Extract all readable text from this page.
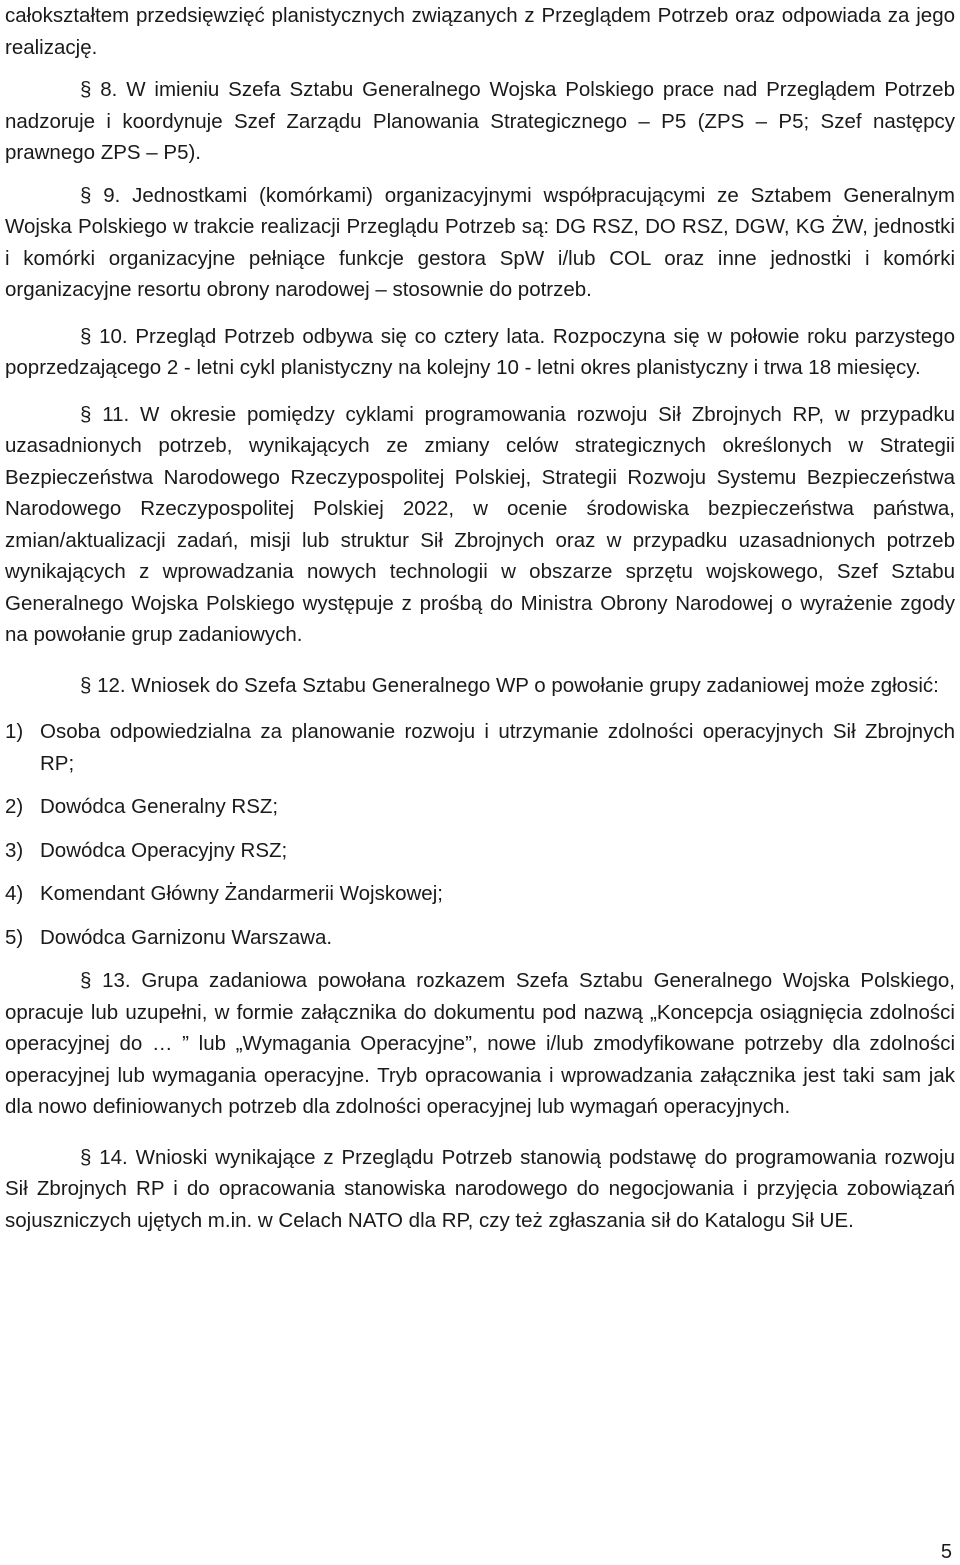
całokształtem przedsięwzięć planistycznych związanych z Przeglądem Potrzeb oraz odpowiada za jego realizację.

§ 8. W imieniu Szefa Sztabu Generalnego Wojska Polskiego prace nad Przeglądem Potrzeb nadzoruje i koordynuje Szef Zarządu Planowania Strategicznego – P5 (ZPS – P5; Szef następcy prawnego ZPS – P5).

§ 9. Jednostkami (komórkami) organizacyjnymi współpracującymi ze Sztabem Generalnym Wojska Polskiego w trakcie realizacji Przeglądu Potrzeb są: DG RSZ, DO RSZ, DGW, KG ŻW, jednostki i komórki organizacyjne pełniące funkcje gestora SpW i/lub COL oraz inne jednostki i komórki organizacyjne resortu obrony narodowej – stosownie do potrzeb.

§ 10. Przegląd Potrzeb odbywa się co cztery lata. Rozpoczyna się w połowie roku parzystego poprzedzającego 2 - letni cykl planistyczny na kolejny 10 - letni okres planistyczny i trwa 18 miesięcy.

§ 11. W okresie pomiędzy cyklami programowania rozwoju Sił Zbrojnych RP, w przypadku uzasadnionych potrzeb, wynikających ze zmiany celów strategicznych określonych w Strategii Bezpieczeństwa Narodowego Rzeczypospolitej Polskiej, Strategii Rozwoju Systemu Bezpieczeństwa Narodowego Rzeczypospolitej Polskiej 2022, w ocenie środowiska bezpieczeństwa państwa, zmian/aktualizacji zadań, misji lub struktur Sił Zbrojnych oraz w przypadku uzasadnionych potrzeb wynikających z wprowadzania nowych technologii w obszarze sprzętu wojskowego, Szef Sztabu Generalnego Wojska Polskiego występuje z prośbą do Ministra Obrony Narodowej o wyrażenie zgody na powołanie grup zadaniowych.

§ 12. Wniosek do Szefa Sztabu Generalnego WP o powołanie grupy zadaniowej może zgłosić:

1) Osoba odpowiedzialna za planowanie rozwoju i utrzymanie zdolności operacyjnych Sił Zbrojnych RP;
2) Dowódca Generalny RSZ;
3) Dowódca Operacyjny RSZ;
4) Komendant Główny Żandarmerii Wojskowej;
5) Dowódca Garnizonu Warszawa.

§ 13. Grupa zadaniowa powołana rozkazem Szefa Sztabu Generalnego Wojska Polskiego, opracuje lub uzupełni, w formie załącznika do dokumentu pod nazwą „Koncepcja osiągnięcia zdolności operacyjnej do … ” lub „Wymagania Operacyjne”, nowe i/lub zmodyfikowane potrzeby dla zdolności operacyjnej lub wymagania operacyjne. Tryb opracowania i wprowadzania załącznika jest taki sam jak dla nowo definiowanych potrzeb dla zdolności operacyjnej lub wymagań operacyjnych.

§ 14. Wnioski wynikające z Przeglądu Potrzeb stanowią podstawę do programowania rozwoju Sił Zbrojnych RP i do opracowania stanowiska narodowego do negocjowania i przyjęcia zobowiązań sojuszniczych ujętych m.in. w Celach NATO dla RP, czy też zgłaszania sił do Katalogu Sił UE.

5
